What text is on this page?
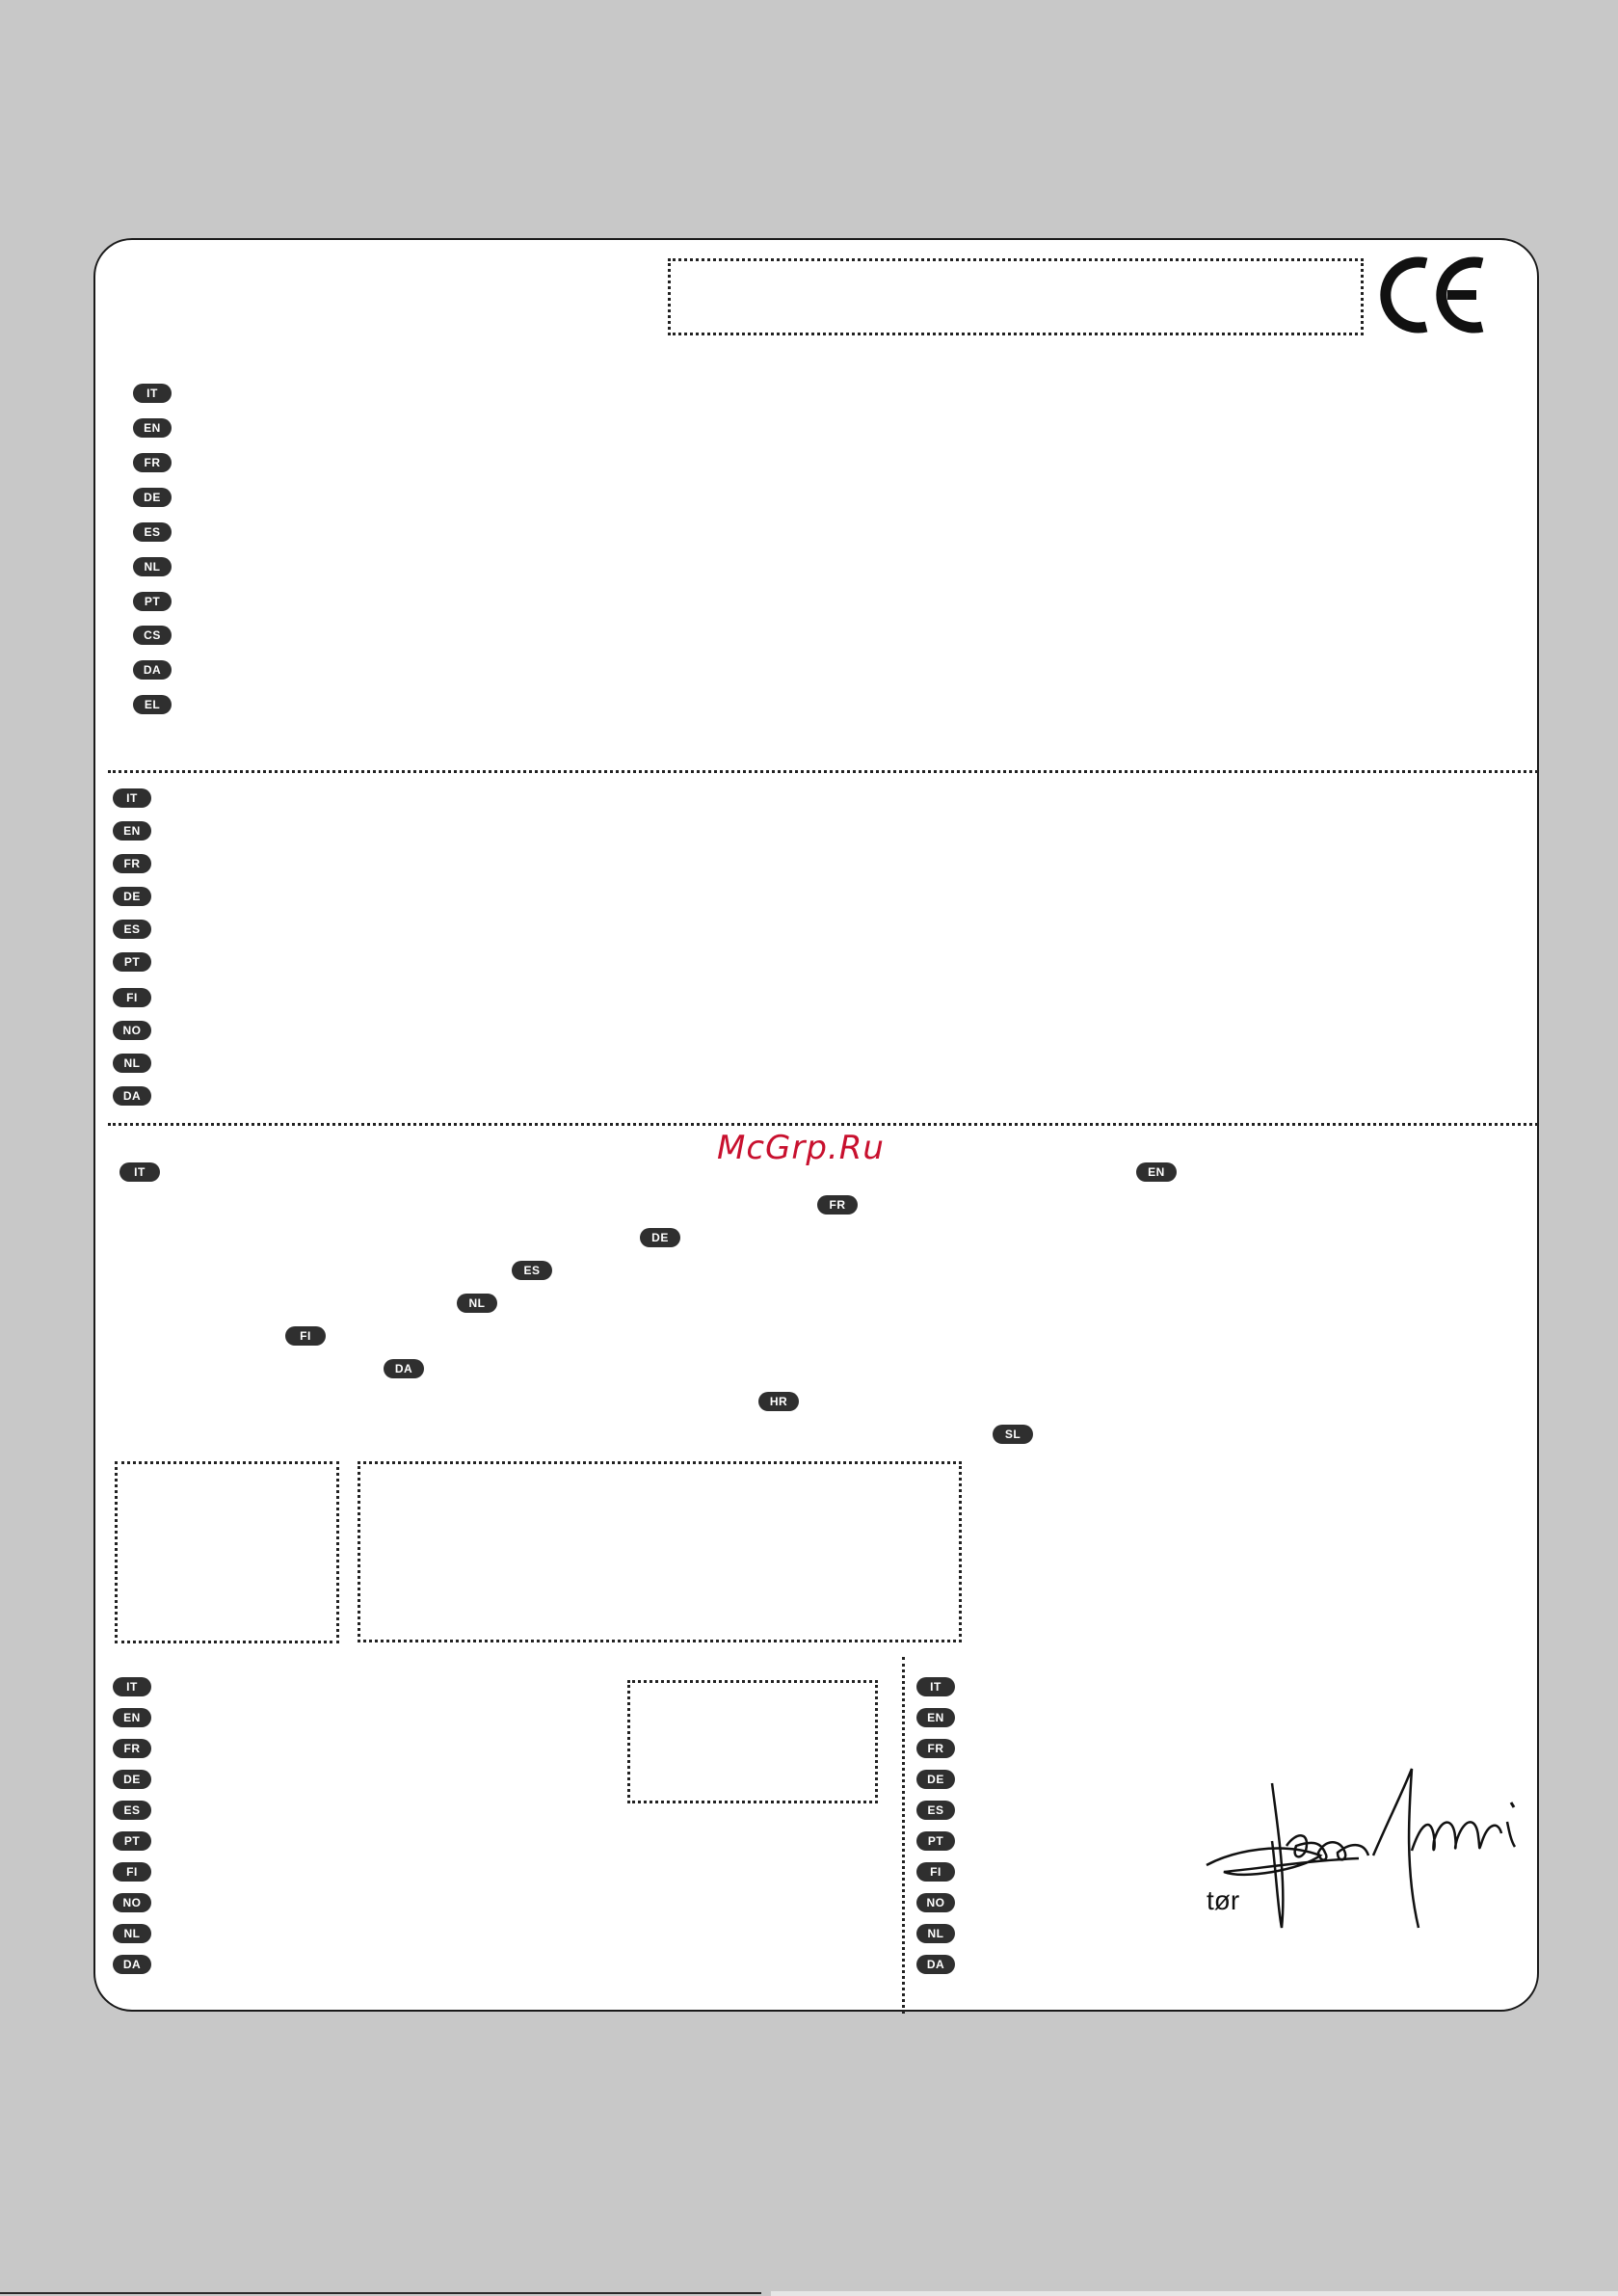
IT
EN
FR
DE
ES
NL
PT
CS
DA
EL
IT
EN
FR
DE
ES
PT
FI
NO
NL
DA
McGrp.Ru
IT	EN
FR
DE
ES
NL
FI
DA
HR
SL
IT
EN
FR
DE
ES
PT
FI
NO
NL
DA
IT
EN
FR
DE
ES
PT
FI
NO
NL
DA
tør
